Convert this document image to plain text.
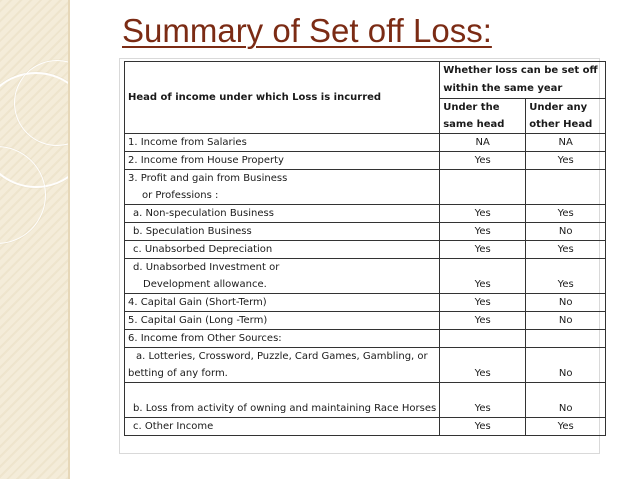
Summary of Set off Loss:
Head of income under which Loss is incurred	Whether loss can be set off within the same year	
	Under the same head	Under any other Head
1. Income from Salaries	NA	NA
2. Income from House Property	Yes	Yes

3. Profit and gain from Business
or Professions :		

a. Non-speculation Business	Yes	Yes
b. Speculation Business	Yes	No
c. Unabsorbed Depreciation	Yes	Yes

d. Unabsorbed Investment or
Development allowance.	Yes	Yes
4. Capital Gain (Short-Term)	Yes	No
5. Capital Gain (Long -Term)	Yes	No
6. Income from Other Sources:		

a. Lotteries, Crossword, Puzzle, Card Games, Gambling, or
betting of any form.	Yes	No
b. Loss from activity of owning and maintaining Race Horses	Yes	No
c. Other Income	Yes	Yes
